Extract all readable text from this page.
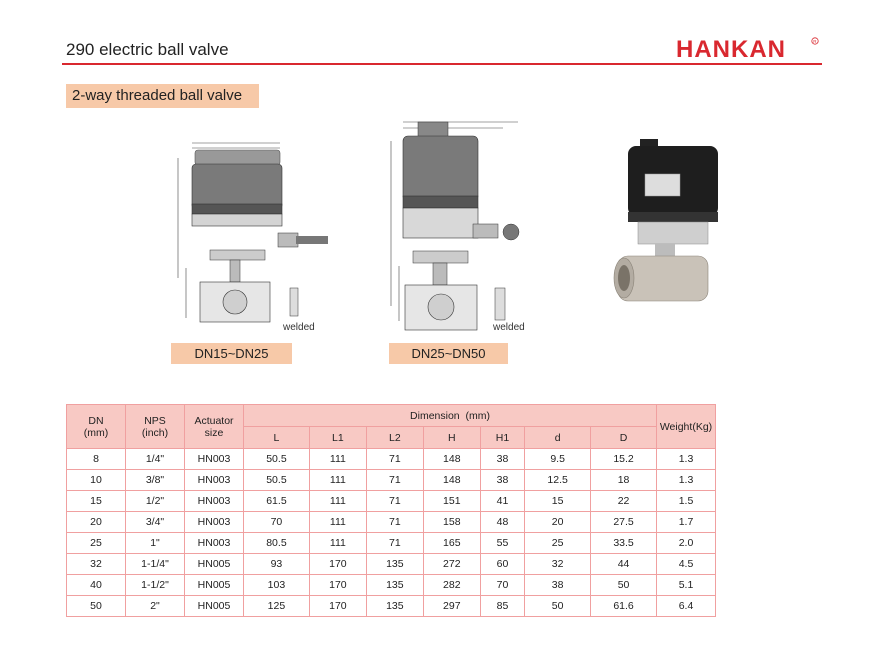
290 electric ball valve	HANKAN	R
2-way threaded ball valve
welded
DN15~DN25
welded
DN25~DN50
DN
(mm)	NPS
(inch)	Actuator
size	Dimension  (mm)							Weight(Kg)
			L	L1	L2	H	H1	d	D	
8	1/4"	HN003	50.5	111	71	148	38	9.5	15.2	1.3
10	3/8"	HN003	50.5	111	71	148	38	12.5	18	1.3
15	1/2"	HN003	61.5	111	71	151	41	15	22	1.5
20	3/4"	HN003	70	111	71	158	48	20	27.5	1.7
25	1"	HN003	80.5	111	71	165	55	25	33.5	2.0
32	1-1/4"	HN005	93	170	135	272	60	32	44	4.5
40	1-1/2"	HN005	103	170	135	282	70	38	50	5.1
50	2"	HN005	125	170	135	297	85	50	61.6	6.4
